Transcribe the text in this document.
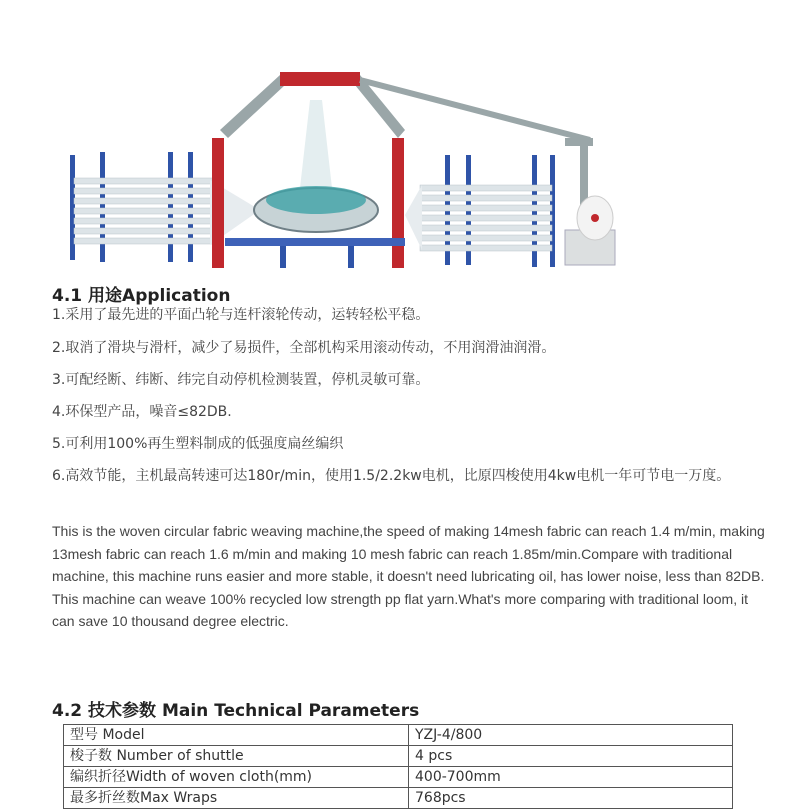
4.1 用途Application
1.采用了最先进的平面凸轮与连杆滚轮传动，运转轻松平稳。
2.取消了滑块与滑杆，减少了易损件，全部机构采用滚动传动，不用润滑油润滑。
3.可配经断、纬断、纬完自动停机检测装置，停机灵敏可靠。
4.环保型产品，噪音≤82DB.
5.可利用100%再生塑料制成的低强度扁丝编织
6.高效节能，主机最高转速可达180r/min，使用1.5/2.2kw电机，比原四梭使用4kw电机一年可节电一万度。
This is the woven circular fabric weaving machine,the speed of making 14mesh fabric can reach 1.4 m/min, making 13mesh fabric can reach 1.6 m/min and making 10 mesh fabric can reach 1.85m/min.Compare with traditional machine, this machine runs easier and more stable, it doesn't need lubricating oil, has lower noise, less than 82DB. This machine can weave 100% recycled low strength pp flat yarn.What's more comparing with traditional loom, it can save 10 thousand degree electric.
4.2 技术参数 Main Technical Parameters
型号 Model	YZJ-4/800
梭子数 Number of shuttle	4 pcs
编织折径Width of woven cloth(mm)	400-700mm
最多折丝数Max Wraps	768pcs
